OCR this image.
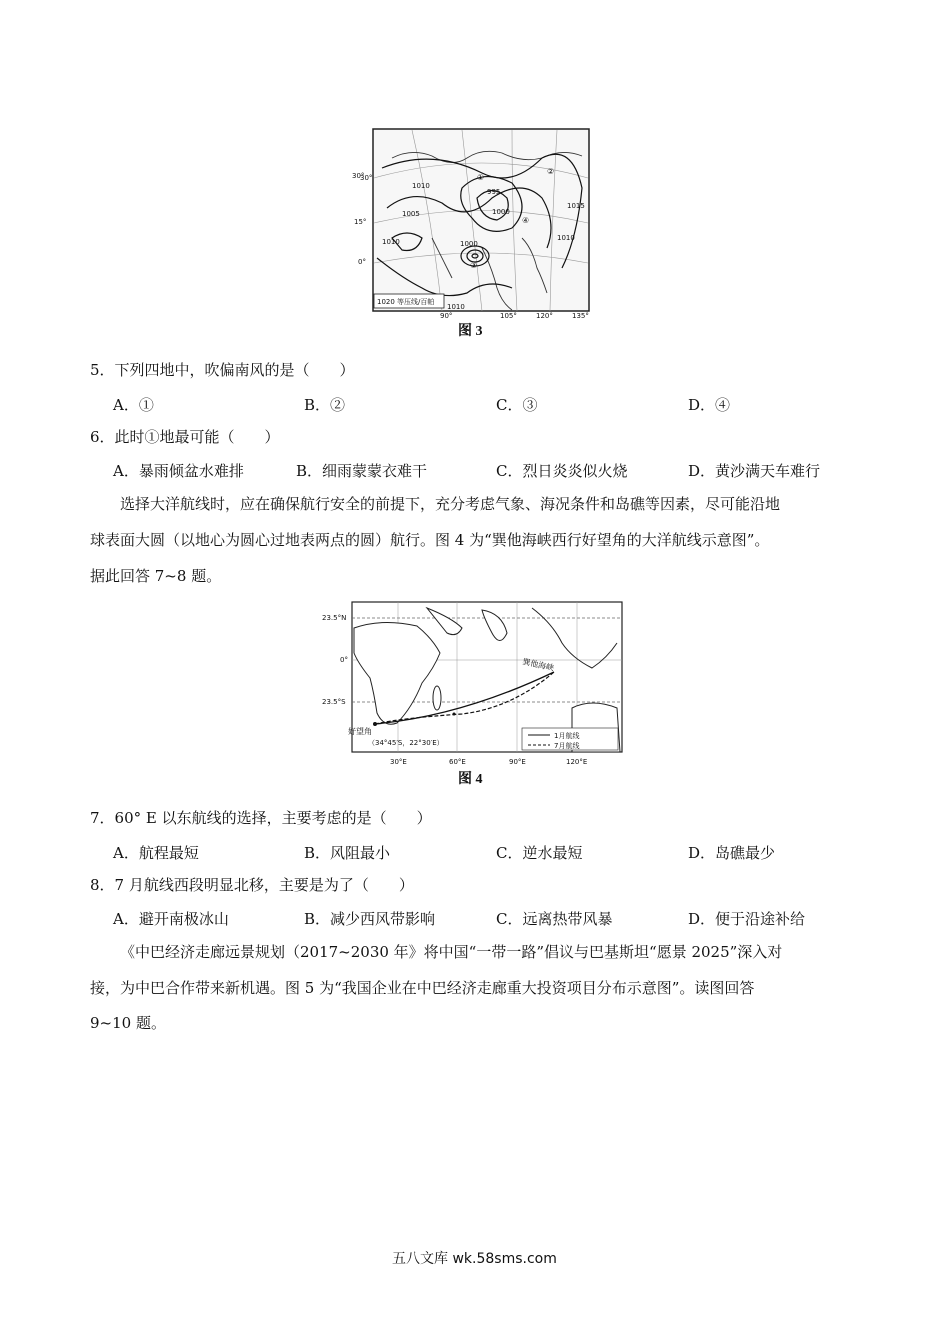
1010
1005	1000
995
1000
1010
1015
1010
1010
①
②
③
④
30°
1020 等压线/百帕
30°
15°
0°
90°	105°	120°	135°
图 3
5．下列四地中，吹偏南风的是（　　）
A．①	B．②	C．③	D．④
6．此时①地最可能（　　）
A．暴雨倾盆水难排	B．细雨蒙蒙衣难干	C．烈日炎炎似火烧	D．黄沙满天车难行
选择大洋航线时，应在确保航行安全的前提下，充分考虑气象、海况条件和岛礁等因素，尽可能沿地
球表面大圆（以地心为圆心过地表两点的圆）航行。图 4 为“巽他海峡西行好望角的大洋航线示意图”。
据此回答 7~8 题。
巽他海峡
1月航线
7月航线
23.5°N
0°
23.5°S
好望角
（34°45′S，22°30′E）
30°E	60°E	90°E	120°E
图 4
7．60° E 以东航线的选择，主要考虑的是（　　）
A．航程最短	B．风阻最小	C．逆水最短	D．岛礁最少
8．7 月航线西段明显北移，主要是为了（　　）
A．避开南极冰山	B．减少西风带影响	C．远离热带风暴	D．便于沿途补给
《中巴经济走廊远景规划（2017~2030 年》将中国“一带一路”倡议与巴基斯坦“愿景 2025”深入对
接，为中巴合作带来新机遇。图 5 为“我国企业在中巴经济走廊重大投资项目分布示意图”。读图回答
9~10 题。
五八文库 wk.58sms.com
